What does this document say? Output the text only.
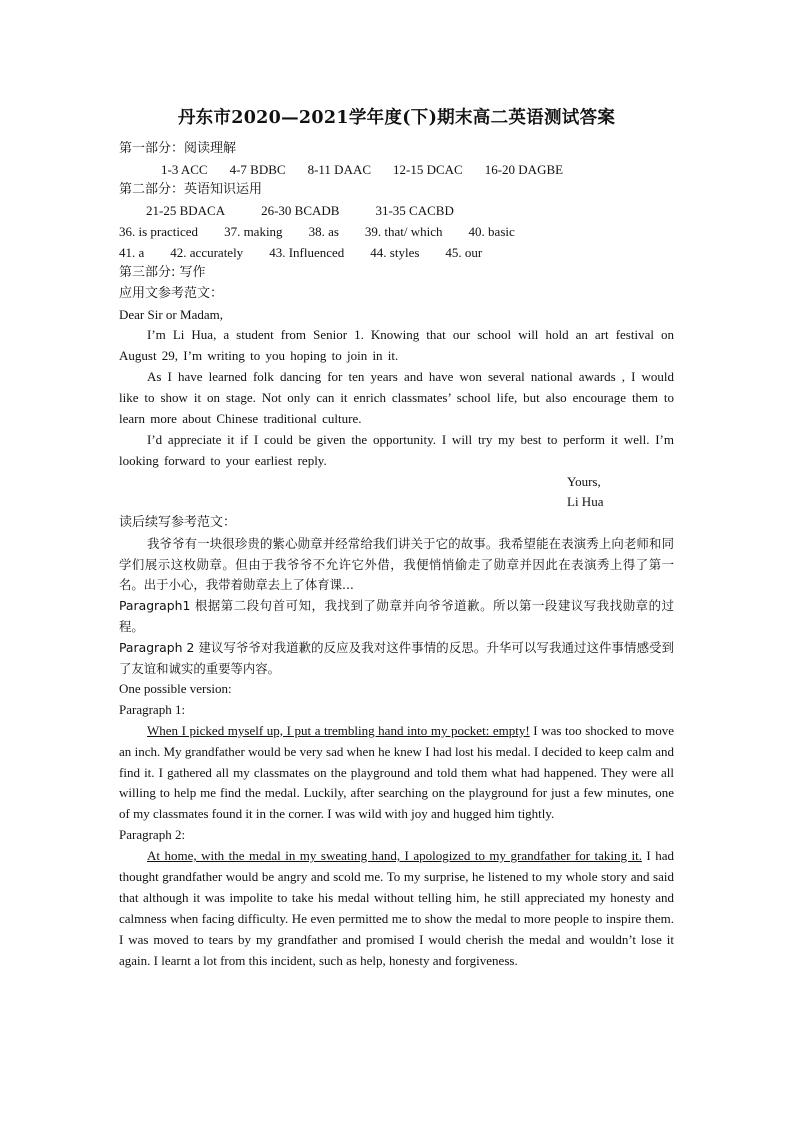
丹东市2020—2021学年度(下)期末高二英语测试答案
第一部分：阅读理解
1-3 ACC 4-7 BDBC 8-11 DAAC 12-15 DCAC 16-20 DAGBE
第二部分：英语知识运用
21-25 BDACA	26-30 BCADB	31-35 CACBD
36. is practiced 37. making 38. as 39. that/ which 40. basic
41. a 42. accurately 43. Influenced 44. styles 45. our
第三部分: 写作
应用文参考范文：
Dear Sir or Madam,

I’m Li Hua, a student from Senior 1. Knowing that our school will hold an art festival on August 29, I’m writing to you hoping to join in it.

As I have learned folk dancing for ten years and have won several national awards , I would like to show it on stage. Not only can it enrich classmates’ school life, but also encourage them to learn more about Chinese traditional culture.

I’d appreciate it if I could be given the opportunity. I will try my best to perform it well. I’m looking forward to your earliest reply.

Yours,
Li Hua
读后续写参考范文：

我爷爷有一块很珍贵的紫心勋章并经常给我们讲关于它的故事。我希望能在表演秀上向老师和同学们展示这枚勋章。但由于我爷爷不允许它外借，我便悄悄偷走了勋章并因此在表演秀上得了第一名。出于小心，我带着勋章去上了体育课...

Paragraph1 根据第二段句首可知，我找到了勋章并向爷爷道歉。所以第一段建议写我找勋章的过程。

Paragraph 2 建议写爷爷对我道歉的反应及我对这件事情的反思。升华可以写我通过这件事情感受到了友谊和诚实的重要等内容。

One possible version:
Paragraph 1:

When I picked myself up, I put a trembling hand into my pocket: empty! I was too shocked to move an inch. My grandfather would be very sad when he knew I had lost his medal. I decided to keep calm and find it. I gathered all my classmates on the playground and told them what had happened. They were all willing to help me find the medal. Luckily, after searching on the playground for just a few minutes, one of my classmates found it in the corner. I was wild with joy and hugged him tightly.

Paragraph 2:

At home, with the medal in my sweating hand, I apologized to my grandfather for taking it. I had thought grandfather would be angry and scold me. To my surprise, he listened to my whole story and said that although it was impolite to take his medal without telling him, he still appreciated my honesty and calmness when facing difficulty. He even permitted me to show the medal to more people to inspire them. I was moved to tears by my grandfather and promised I would cherish the medal and wouldn’t lose it again. I learnt a lot from this incident, such as help, honesty and forgiveness.
